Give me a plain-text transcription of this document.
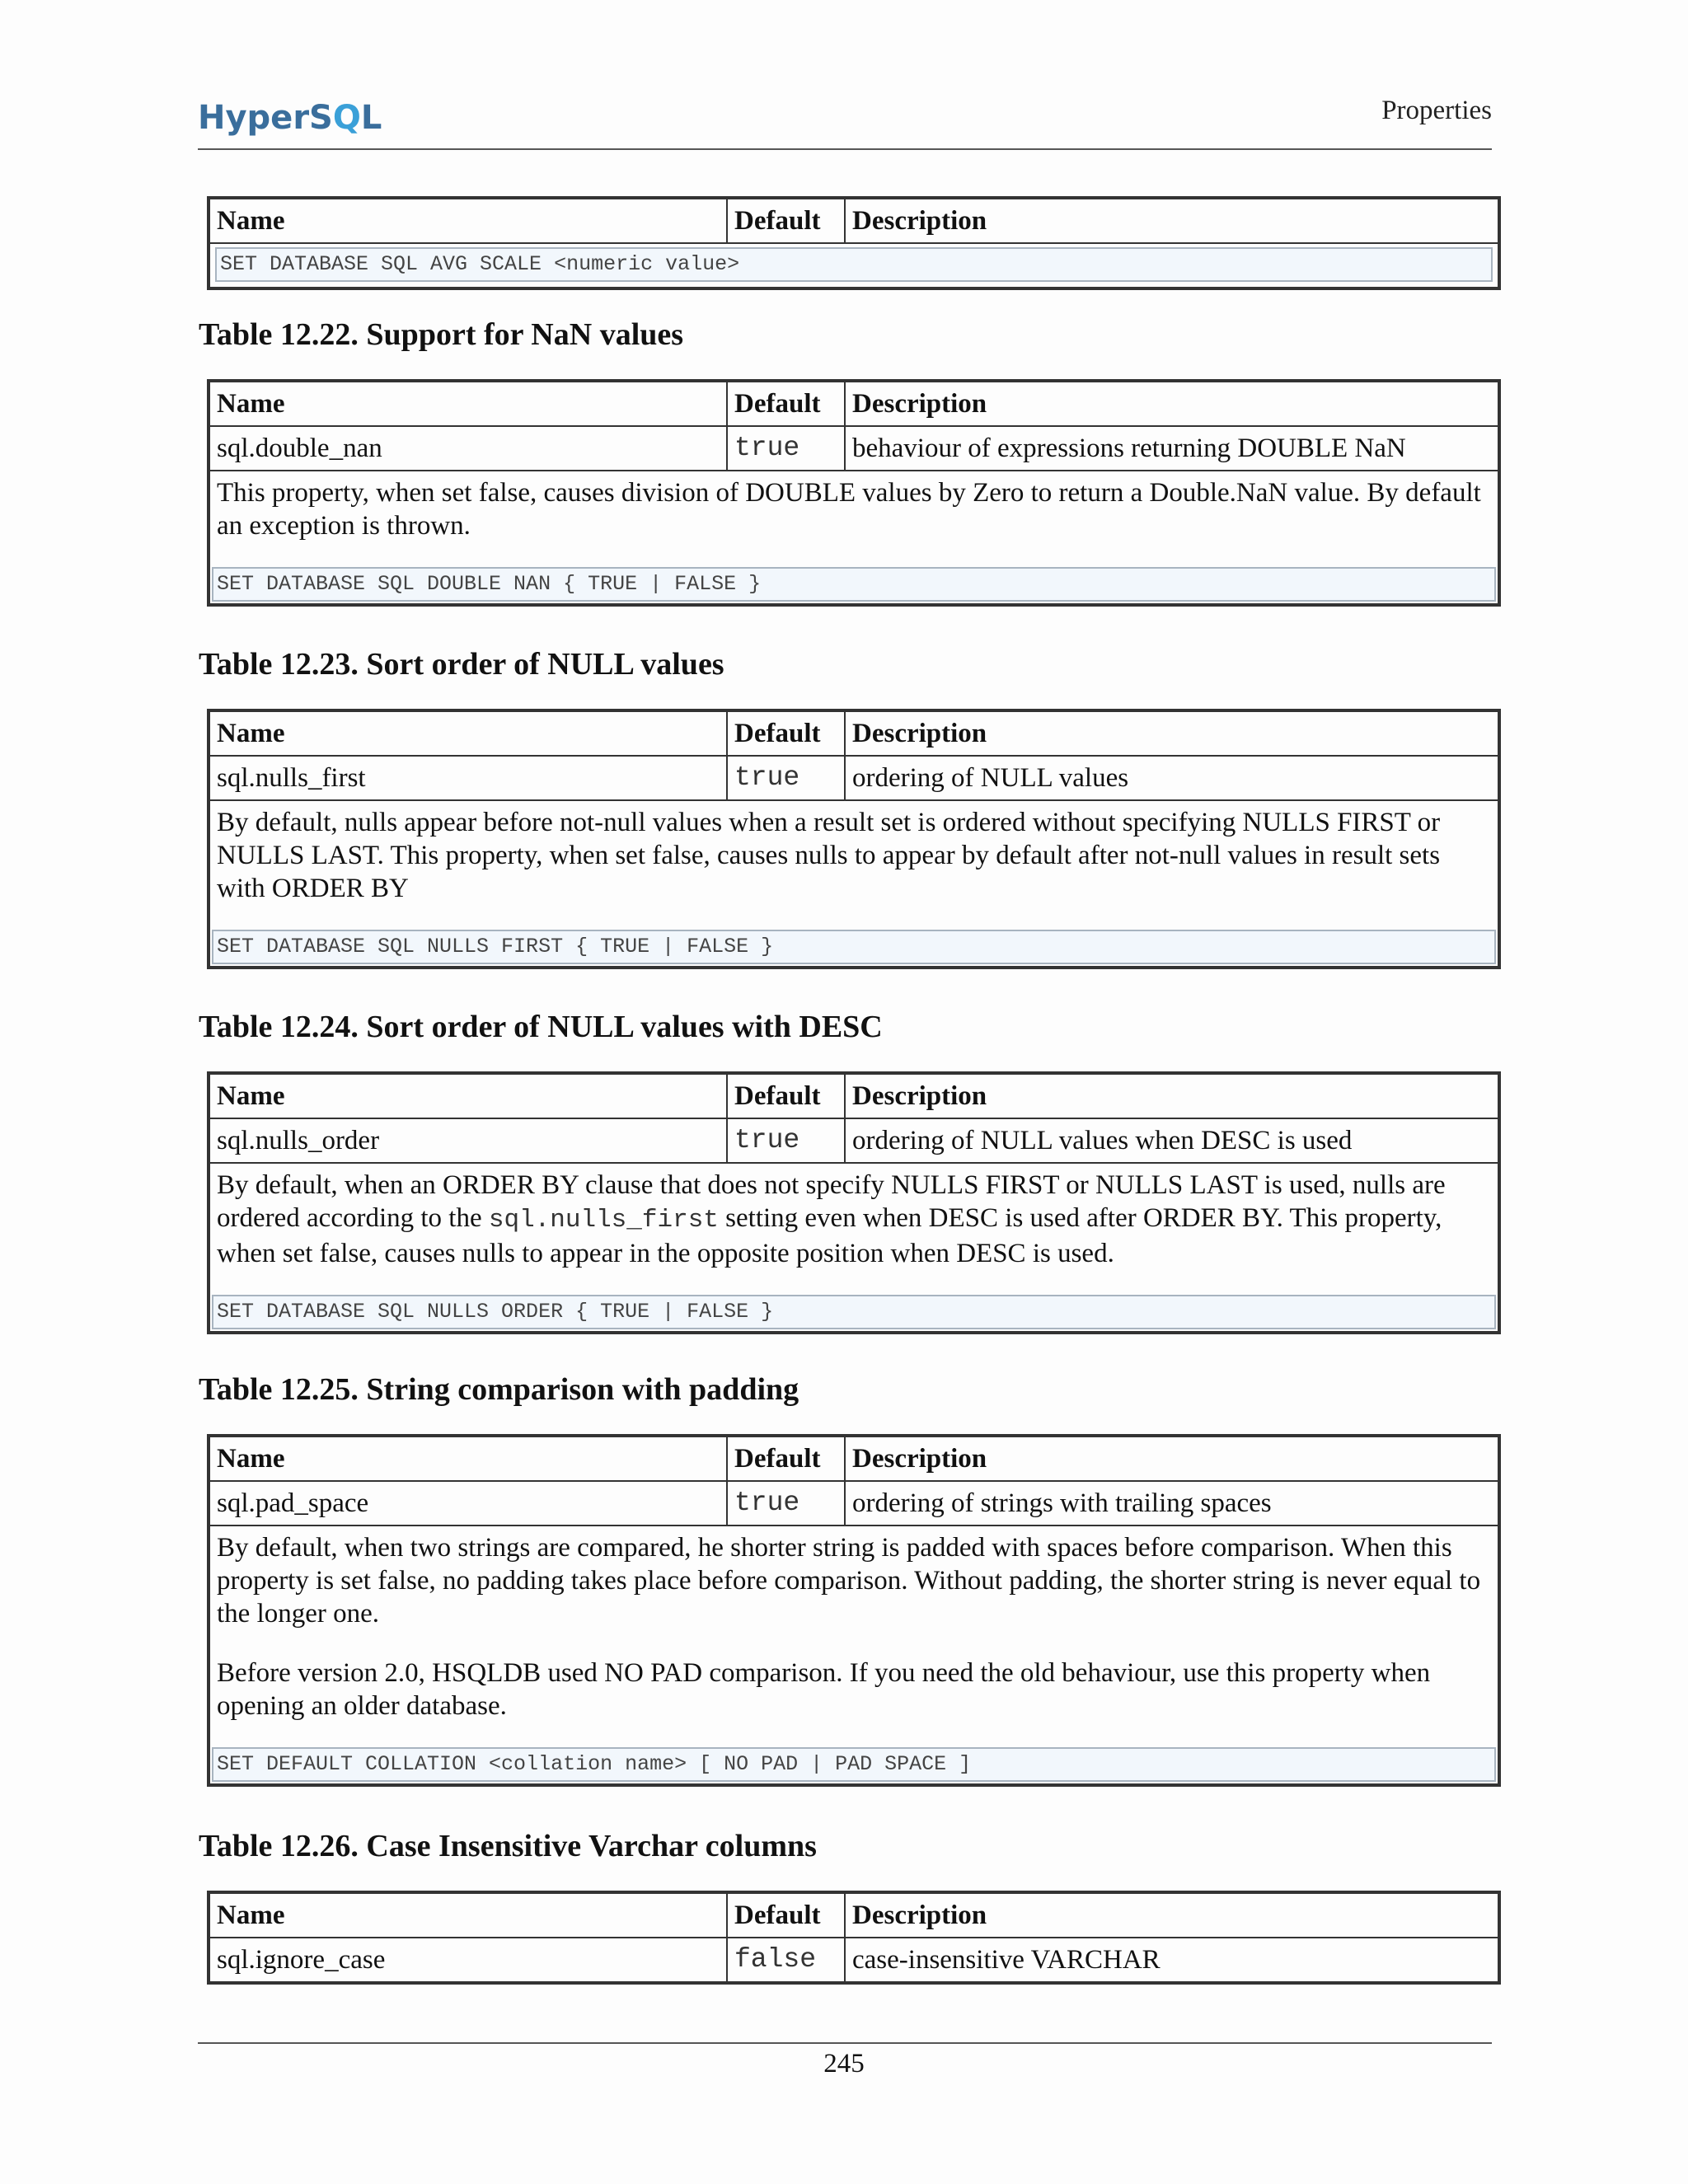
HyperSQL	Properties
Name	Default	Description

SET DATABASE SQL AVG SCALE <numeric value>
Table 12.22. Support for NaN values
Name	Default	Description
sql.double_nan	true	behaviour of expressions returning DOUBLE NaN

This property, when set false, causes division of DOUBLE values by Zero to return a Double.NaN value. By default an exception is thrown.

SET DATABASE SQL DOUBLE NAN { TRUE | FALSE }		
Table 12.23. Sort order of NULL values
Name	Default	Description
sql.nulls_first	true	ordering of NULL values

By default, nulls appear before not-null values when a result set is ordered without specifying NULLS FIRST or NULLS LAST. This property, when set false, causes nulls to appear by default after not-null values in result sets with ORDER BY

SET DATABASE SQL NULLS FIRST { TRUE | FALSE }		
Table 12.24. Sort order of NULL values with DESC
Name	Default	Description
sql.nulls_order	true	ordering of NULL values when DESC is used

By default, when an ORDER BY clause that does not specify NULLS FIRST or NULLS LAST is used, nulls are ordered according to the sql.nulls_first setting even when DESC is used after ORDER BY. This property, when set false, causes nulls to appear in the opposite position when DESC is used.

SET DATABASE SQL NULLS ORDER { TRUE | FALSE }		
Table 12.25. String comparison with padding
Name	Default	Description
sql.pad_space	true	ordering of strings with trailing spaces

By default, when two strings are compared, he shorter string is padded with spaces before comparison. When this property is set false, no padding takes place before comparison. Without padding, the shorter string is never equal to the longer one.

Before version 2.0, HSQLDB used NO PAD comparison. If you need the old behaviour, use this property when opening an older database.

SET DEFAULT COLLATION <collation name> [ NO PAD | PAD SPACE ]		
Table 12.26. Case Insensitive Varchar columns
Name	Default	Description
sql.ignore_case	false	case-insensitive VARCHAR
245
